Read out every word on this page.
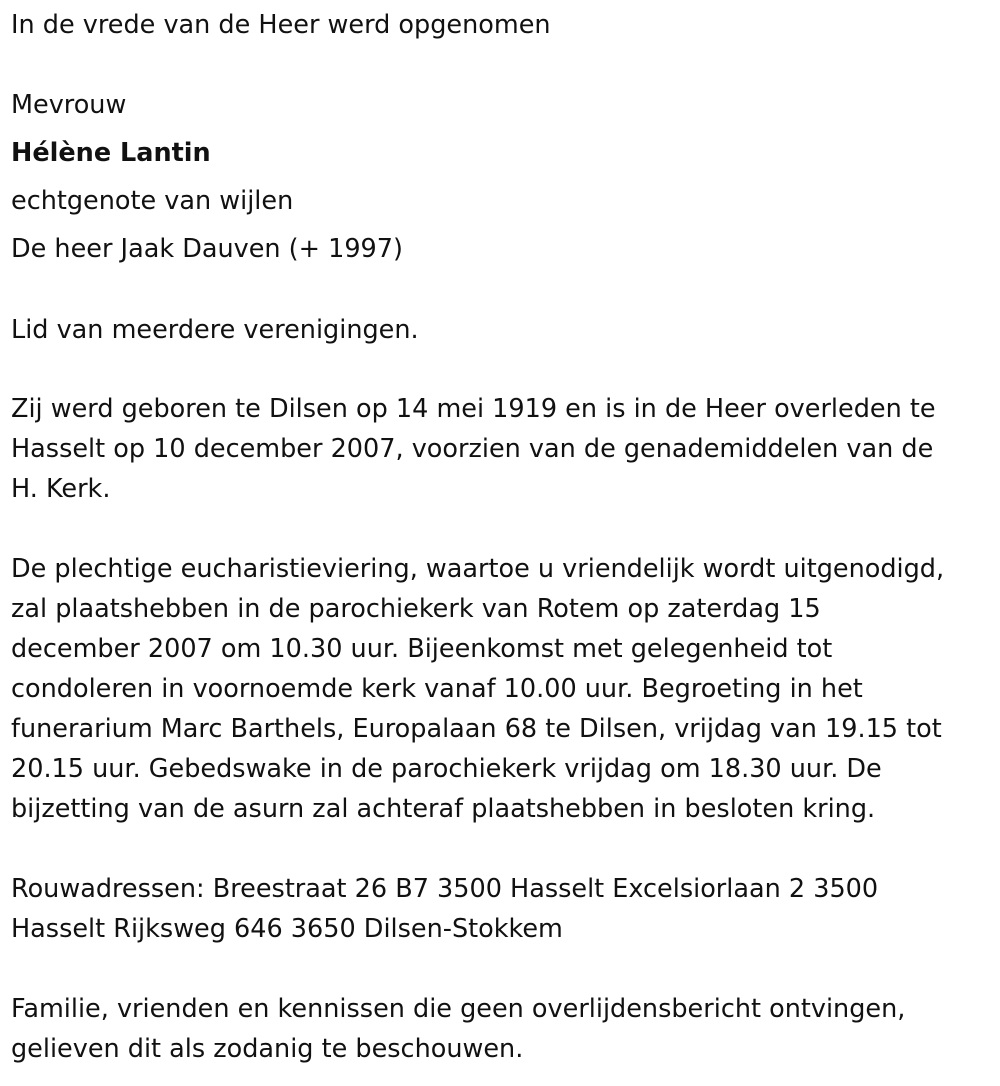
In de vrede van de Heer werd opgenomen
Mevrouw
Hélène Lantin
echtgenote van wijlen
De heer Jaak Dauven (+ 1997)
Lid van meerdere verenigingen.
Zij werd geboren te Dilsen op 14 mei 1919 en is in de Heer overleden te
Hasselt op 10 december 2007, voorzien van de genademiddelen van de
H. Kerk.
De plechtige eucharistieviering, waartoe u vriendelijk wordt uitgenodigd,
zal plaatshebben in de parochiekerk van Rotem op zaterdag 15
december 2007 om 10.30 uur. Bijeenkomst met gelegenheid tot
condoleren in voornoemde kerk vanaf 10.00 uur. Begroeting in het
funerarium Marc Barthels, Europalaan 68 te Dilsen, vrijdag van 19.15 tot
20.15 uur. Gebedswake in de parochiekerk vrijdag om 18.30 uur. De
bijzetting van de asurn zal achteraf plaatshebben in besloten kring.
Rouwadressen: Breestraat 26 B7 3500 Hasselt Excelsiorlaan 2 3500
Hasselt Rijksweg 646 3650 Dilsen-Stokkem
Familie, vrienden en kennissen die geen overlijdensbericht ontvingen,
gelieven dit als zodanig te beschouwen.
